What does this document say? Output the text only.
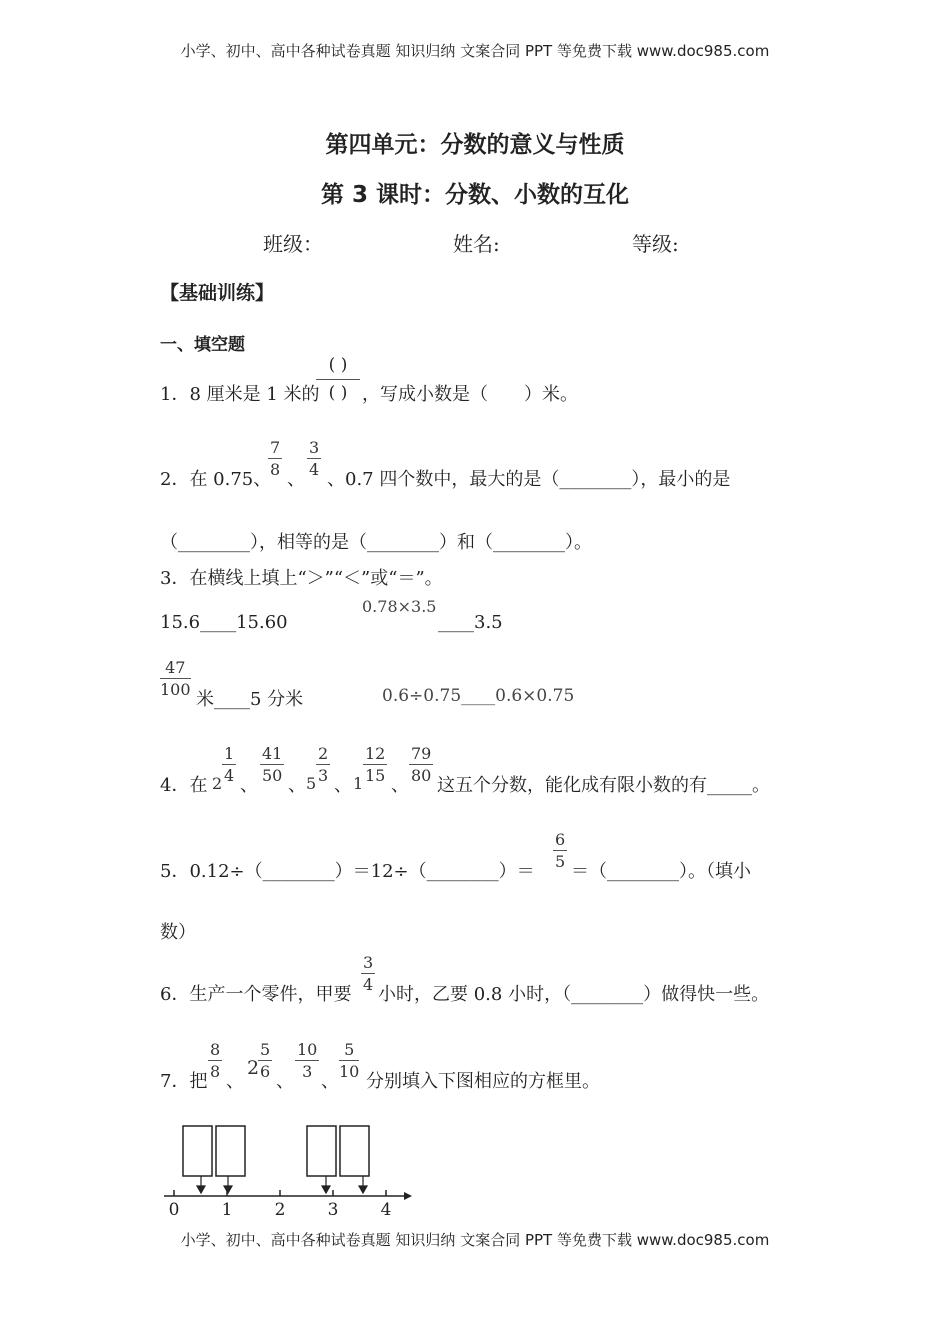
小学、初中、高中各种试卷真题 知识归纳 文案合同 PPT 等免费下载 www.doc985.com
第四单元：分数的意义与性质
第 3 课时：分数、小数的互化
班级：	姓名:	等级:
【基础训练】
一、填空题
1．8 厘米是 1 米的
( )
( ) ，写成小数是（　　）米。
2．在 0.75、
7
8 、
3
4 、0.7 四个数中，最大的是（________），最小的是
（________），相等的是（________）和（________）。
3．在横线上填上“＞”“＜”或“＝”。
15.6____15.60
0.78×3.5
____3.5
47
100 米____5 分米	0.6÷0.75____0.6×0.75
4．在 2
1
4 、
41
50 、 5
2
3 、 1
12
15 、
79
80 这五个分数，能化成有限小数的有_____。
5．0.12÷（________）＝12÷（________）＝
6
5 ＝（________）。（填小
数）
6．生产一个零件，甲要
3
4 小时，乙要 0.8 小时，（________）做得快一些。
7．把
8
8 、
2
5
6 、
10
3 、
5
10 分别填入下图相应的方框里。
0 1 2 3 4
小学、初中、高中各种试卷真题 知识归纳 文案合同 PPT 等免费下载 www.doc985.com
